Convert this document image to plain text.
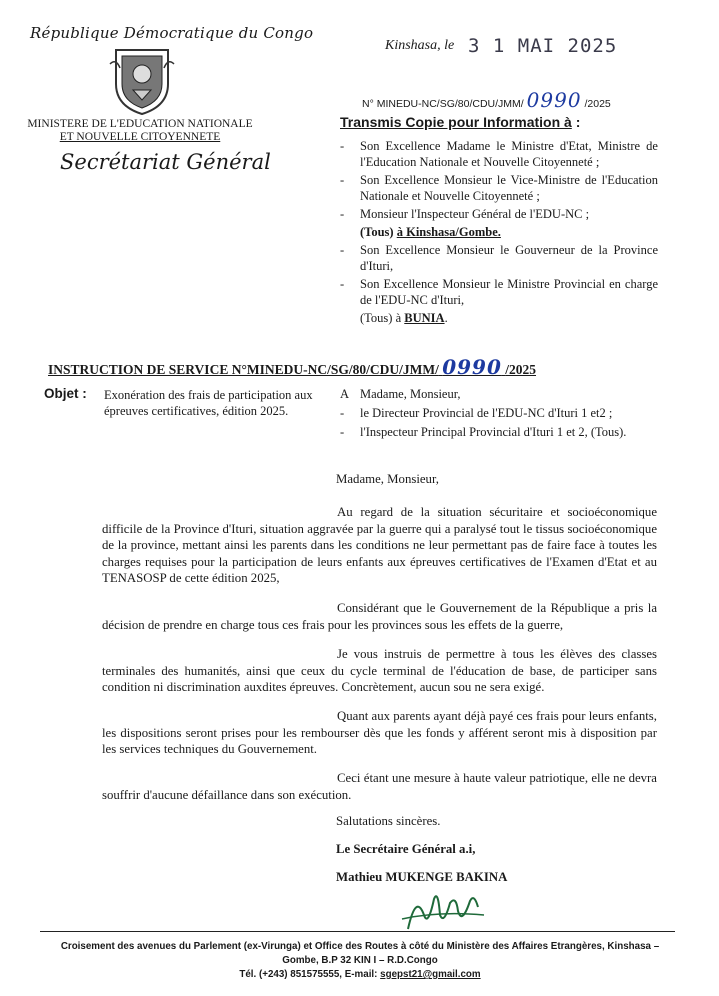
République Démocratique du Congo
MINISTERE DE L'EDUCATION NATIONALE
ET NOUVELLE CITOYENNETE
Secrétariat Général
Kinshasa, le 3 1 MAI 2025
N° MINEDU-NC/SG/80/CDU/JMM/ 0990 /2025
Transmis Copie pour Information à :
- Son Excellence Madame le Ministre d'Etat, Ministre de l'Education Nationale et Nouvelle Citoyenneté ;
- Son Excellence Monsieur le Vice-Ministre de l'Education Nationale et Nouvelle Citoyenneté ;
- Monsieur l'Inspecteur Général de l'EDU-NC ;
(Tous) à Kinshasa/Gombe.
- Son Excellence Monsieur le Gouverneur de la Province d'Ituri,
- Son Excellence Monsieur le Ministre Provincial en charge de l'EDU-NC d'Ituri,
(Tous) à BUNIA.
INSTRUCTION DE SERVICE N°MINEDU-NC/SG/80/CDU/JMM/ 0990 /2025
Objet : Exonération des frais de participation aux épreuves certificatives, édition 2025.
A Madame, Monsieur,
- le Directeur Provincial de l'EDU-NC d'Ituri 1 et2 ;
- l'Inspecteur Principal Provincial d'Ituri 1 et 2, (Tous).
Madame, Monsieur,
Au regard de la situation sécuritaire et socioéconomique difficile de la Province d'Ituri, situation aggravée par la guerre qui a paralysé tout le tissus socioéconomique de la province, mettant ainsi les parents dans les conditions ne leur permettant pas de faire face à toutes les charges requises pour la participation de leurs enfants aux épreuves certificatives de l'Examen d'Etat et au TENASOSP de cette édition 2025,
Considérant que le Gouvernement de la République a pris la décision de prendre en charge tous ces frais pour les provinces sous les effets de la guerre,
Je vous instruis de permettre à tous les élèves des classes terminales des humanités, ainsi que ceux du cycle terminal de l'éducation de base, de participer sans condition ni discrimination auxdites épreuves. Concrètement, aucun sou ne sera exigé.
Quant aux parents ayant déjà payé ces frais pour leurs enfants, les dispositions seront prises pour les rembourser dès que les fonds y afférent seront mis à disposition par les services techniques du Gouvernement.
Ceci étant une mesure à haute valeur patriotique, elle ne devra souffrir d'aucune défaillance dans son exécution.
Salutations sincères.
Le Secrétaire Général a.i,
Mathieu MUKENGE BAKINA
Croisement des avenues du Parlement (ex-Virunga) et Office des Routes à côté du Ministère des Affaires Etrangères, Kinshasa –
Gombe, B.P 32 KIN I – R.D.Congo
Tél. (+243) 851575555, E-mail: sgepst21@gmail.com
